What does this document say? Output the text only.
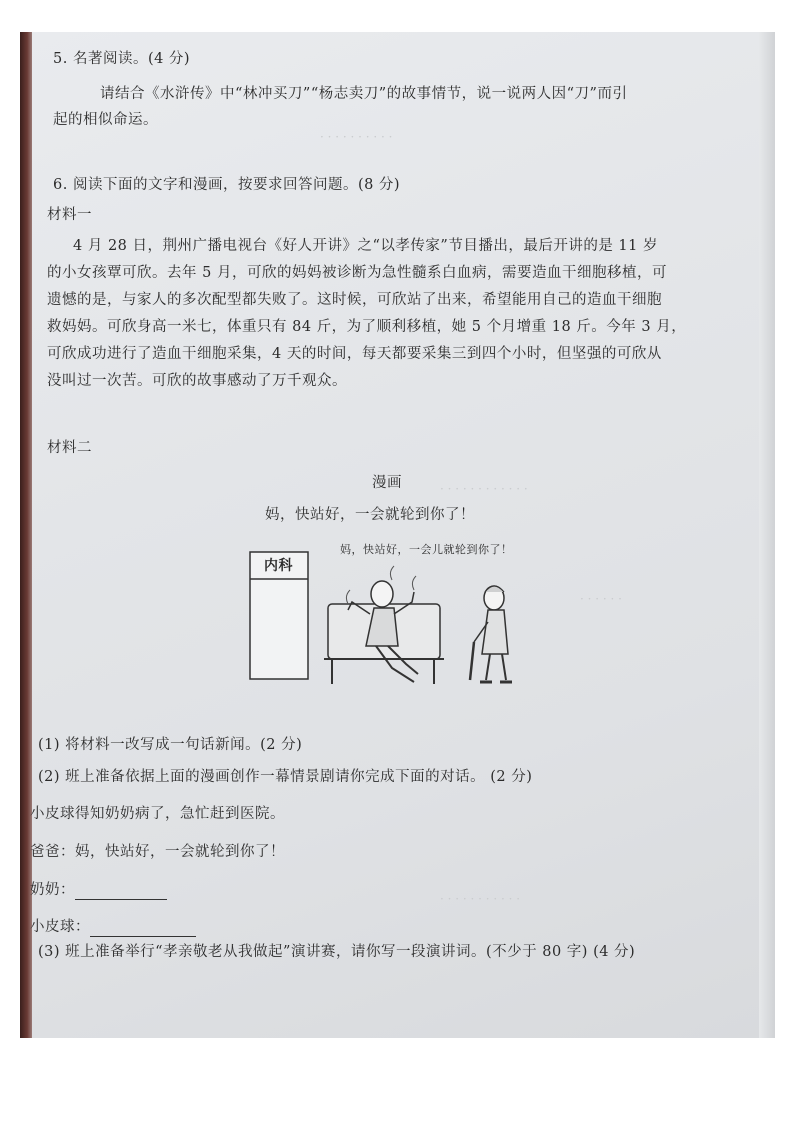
· · · · · · · · · ·
· · · · · · · · · · · ·
· · · · · ·
· · · · · · · · · · ·
5. 名著阅读。(4 分)
请结合《水浒传》中“林冲买刀”“杨志卖刀”的故事情节，说一说两人因“刀”而引
起的相似命运。
6. 阅读下面的文字和漫画，按要求回答问题。(8 分)
材料一
4 月 28 日，荆州广播电视台《好人开讲》之“以孝传家”节目播出，最后开讲的是 11 岁
的小女孩覃可欣。去年 5 月，可欣的妈妈被诊断为急性髓系白血病，需要造血干细胞移植，可
遗憾的是，与家人的多次配型都失败了。这时候，可欣站了出来，希望能用自己的造血干细胞
救妈妈。可欣身高一米七，体重只有 84 斤，为了顺利移植，她 5 个月增重 18 斤。今年 3 月，
可欣成功进行了造血干细胞采集，4 天的时间，每天都要采集三到四个小时，但坚强的可欣从
没叫过一次苦。可欣的故事感动了万千观众。
材料二
漫画
妈，快站好，一会就轮到你了！
内科
妈，快站好，一会儿就轮到你了！
(1) 将材料一改写成一句话新闻。(2 分)
(2) 班上准备依据上面的漫画创作一幕情景剧请你完成下面的对话。 (2 分)
小皮球得知奶奶病了，急忙赶到医院。
爸爸：妈，快站好，一会就轮到你了！
奶奶：
小皮球：
(3) 班上准备举行“孝亲敬老从我做起”演讲赛，请你写一段演讲词。(不少于 80 字) (4 分)
